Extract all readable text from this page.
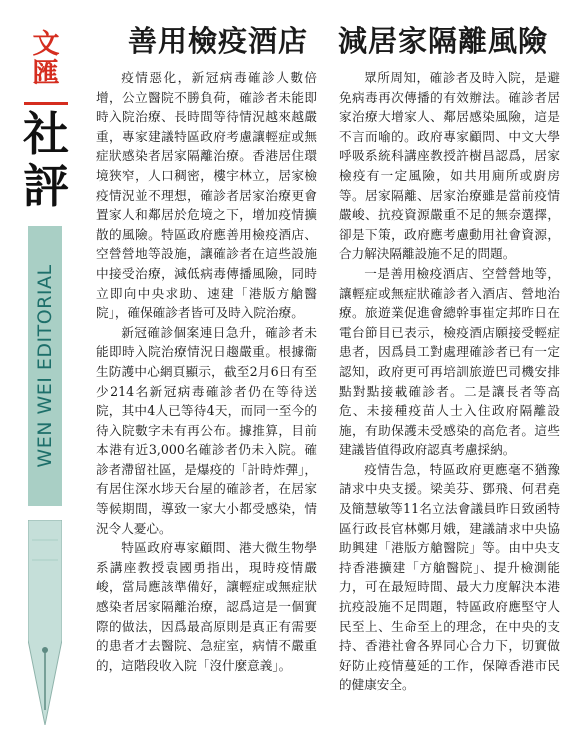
文
匯
社
評
WEN WEI EDITORIAL
善用檢疫酒店　減居家隔離風險

疫情惡化，新冠病毒確診人數倍增，公立醫院不勝負荷，確診者未能即時入院治療、長時間等待情況越來越嚴重，專家建議特區政府考慮讓輕症或無症狀感染者居家隔離治療。香港居住環境狹窄，人口稠密，樓宇林立，居家檢疫情況並不理想，確診者居家治療更會置家人和鄰居於危境之下，增加疫情擴散的風險。特區政府應善用檢疫酒店、空營營地等設施，讓確診者在這些設施中接受治療，減低病毒傳播風險，同時立即向中央求助、速建「港版方艙醫院」，確保確診者皆可及時入院治療。

新冠確診個案連日急升，確診者未能即時入院治療情況日趨嚴重。根據衞生防護中心網頁顯示，截至2月6日有至少214名新冠病毒確診者仍在等待送院，其中4人已等待4天，而同一至今的待入院數字未有再公布。據推算，目前本港有近3,000名確診者仍未入院。確診者滯留社區，是爆疫的「計時炸彈」，有居住深水埗天台屋的確診者，在居家等候期間，導致一家大小都受感染，情況令人憂心。

特區政府專家顧問、港大微生物學系講座教授袁國勇指出，現時疫情嚴峻，當局應該準備好，讓輕症或無症狀感染者居家隔離治療，認爲這是一個實際的做法，因爲最高原則是真正有需要的患者才去醫院、急症室，病情不嚴重的，這階段收入院「沒什麼意義」。

眾所周知，確診者及時入院，是避免病毒再次傳播的有效辦法。確診者居家治療大增家人、鄰居感染風險，這是不言而喻的。政府專家顧問、中文大學呼吸系統科講座教授許樹昌認爲，居家檢疫有一定風險，如共用廁所或廚房等。居家隔離、居家治療雖是當前疫情嚴峻、抗疫資源嚴重不足的無奈選擇，卻是下策，政府應考慮動用社會資源，合力解決隔離設施不足的問題。

一是善用檢疫酒店、空營營地等，讓輕症或無症狀確診者入酒店、營地治療。旅遊業促進會總幹事崔定邦昨日在電台節目已表示，檢疫酒店願接受輕症患者，因爲員工對處理確診者已有一定認知，政府更可再培訓旅遊巴司機安排點對點接載確診者。二是讓長者等高危、未接種疫苗人士入住政府隔離設施，有助保護未受感染的高危者。這些建議皆值得政府認真考慮採納。

疫情告急，特區政府更應毫不猶豫請求中央支援。梁美芬、鄧飛、何君堯及簡慧敏等11名立法會議員昨日致函特區行政長官林鄭月娥，建議請求中央協助興建「港版方艙醫院」等。由中央支持香港擴建「方艙醫院」、提升檢測能力，可在最短時間、最大力度解決本港抗疫設施不足問題，特區政府應堅守人民至上、生命至上的理念，在中央的支持、香港社會各界同心合力下，切實做好防止疫情蔓延的工作，保障香港市民的健康安全。
